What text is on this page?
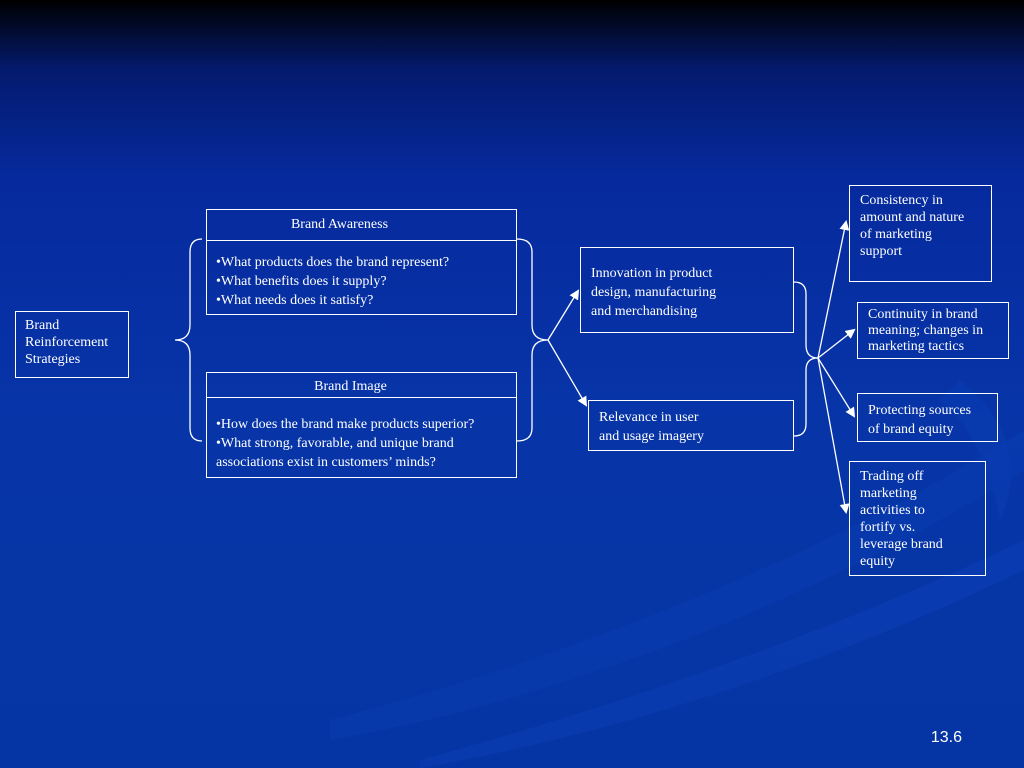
Brand
Reinforcement
Strategies
Brand Awareness
•What products does the brand represent?
•What benefits does it supply?
•What needs does it satisfy?
Brand Image
•How does the brand make products superior?
•What strong, favorable, and unique brand associations exist in customers’ minds?
Innovation in product
design, manufacturing
and merchandising
Relevance in user
and usage imagery
Consistency in
amount and nature
of marketing
support
Continuity in brand
meaning; changes in
marketing tactics
Protecting sources
of brand equity
Trading off
marketing
activities to
fortify vs.
leverage brand
equity
13.6
